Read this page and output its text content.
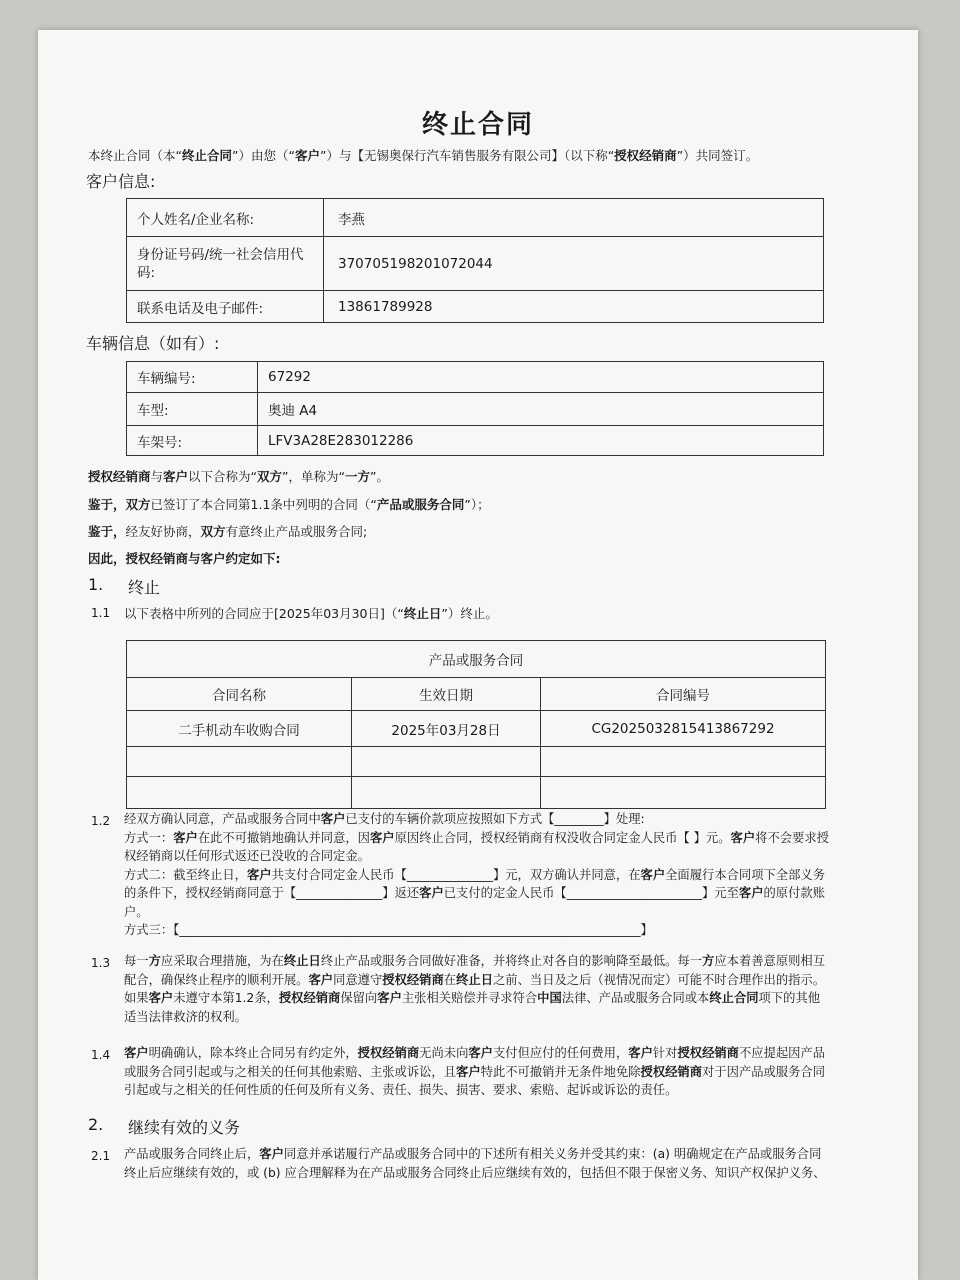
终止合同
本终止合同（本“终止合同”）由您（“客户”）与【无锡奥保行汽车销售服务有限公司】（以下称“授权经销商”）共同签订。
客户信息:
个人姓名/企业名称:	李燕
身份证号码/统一社会信用代码:	370705198201072044
联系电话及电子邮件:	13861789928
车辆信息（如有）:
车辆编号:	67292
车型:	奥迪 A4
车架号:	LFV3A28E283012286
授权经销商与客户以下合称为“双方”，单称为“一方”。
鉴于，双方已签订了本合同第1.1条中列明的合同（“产品或服务合同”）；
鉴于，经友好协商，双方有意终止产品或服务合同;
因此，授权经销商与客户约定如下:
1. 终止
1.1 以下表格中所列的合同应于[2025年03月30日]（“终止日”）终止。
产品或服务合同		
合同名称	生效日期	合同编号
二手机动车收购合同	2025年03月28日	CG2025032815413867292

1.2 经双方确认同意，产品或服务合同中客户已支付的车辆价款项应按照如下方式【________】处理:
方式一：客户在此不可撤销地确认并同意，因客户原因终止合同，授权经销商有权没收合同定金人民币【 】元。客户将不会要求授
权经销商以任何形式返还已没收的合同定金。
方式二：截至终止日，客户共支付合同定金人民币【______________】元，双方确认并同意，在客户全面履行本合同项下全部义务
的条件下，授权经销商同意于【______________】返还客户已支付的定金人民币【______________________】元至客户的原付款账
户。
方式三：【___________________________________________________________________________】
1.3 每一方应采取合理措施，为在终止日终止产品或服务合同做好准备，并将终止对各自的影响降至最低。每一方应本着善意原则相互
配合，确保终止程序的顺利开展。客户同意遵守授权经销商在终止日之前、当日及之后（视情况而定）可能不时合理作出的指示。
如果客户未遵守本第1.2条，授权经销商保留向客户主张相关赔偿并寻求符合中国法律、产品或服务合同或本终止合同项下的其他
适当法律救济的权利。
1.4 客户明确确认，除本终止合同另有约定外，授权经销商无尚未向客户支付但应付的任何费用，客户针对授权经销商不应提起因产品
或服务合同引起或与之相关的任何其他索赔、主张或诉讼，且客户特此不可撤销并无条件地免除授权经销商对于因产品或服务合同
引起或与之相关的任何性质的任何及所有义务、责任、损失、损害、要求、索赔、起诉或诉讼的责任。
2. 继续有效的义务
2.1 产品或服务合同终止后，客户同意并承诺履行产品或服务合同中的下述所有相关义务并受其约束：(a) 明确规定在产品或服务合同
终止后应继续有效的，或 (b) 应合理解释为在产品或服务合同终止后应继续有效的，包括但不限于保密义务、知识产权保护义务、
